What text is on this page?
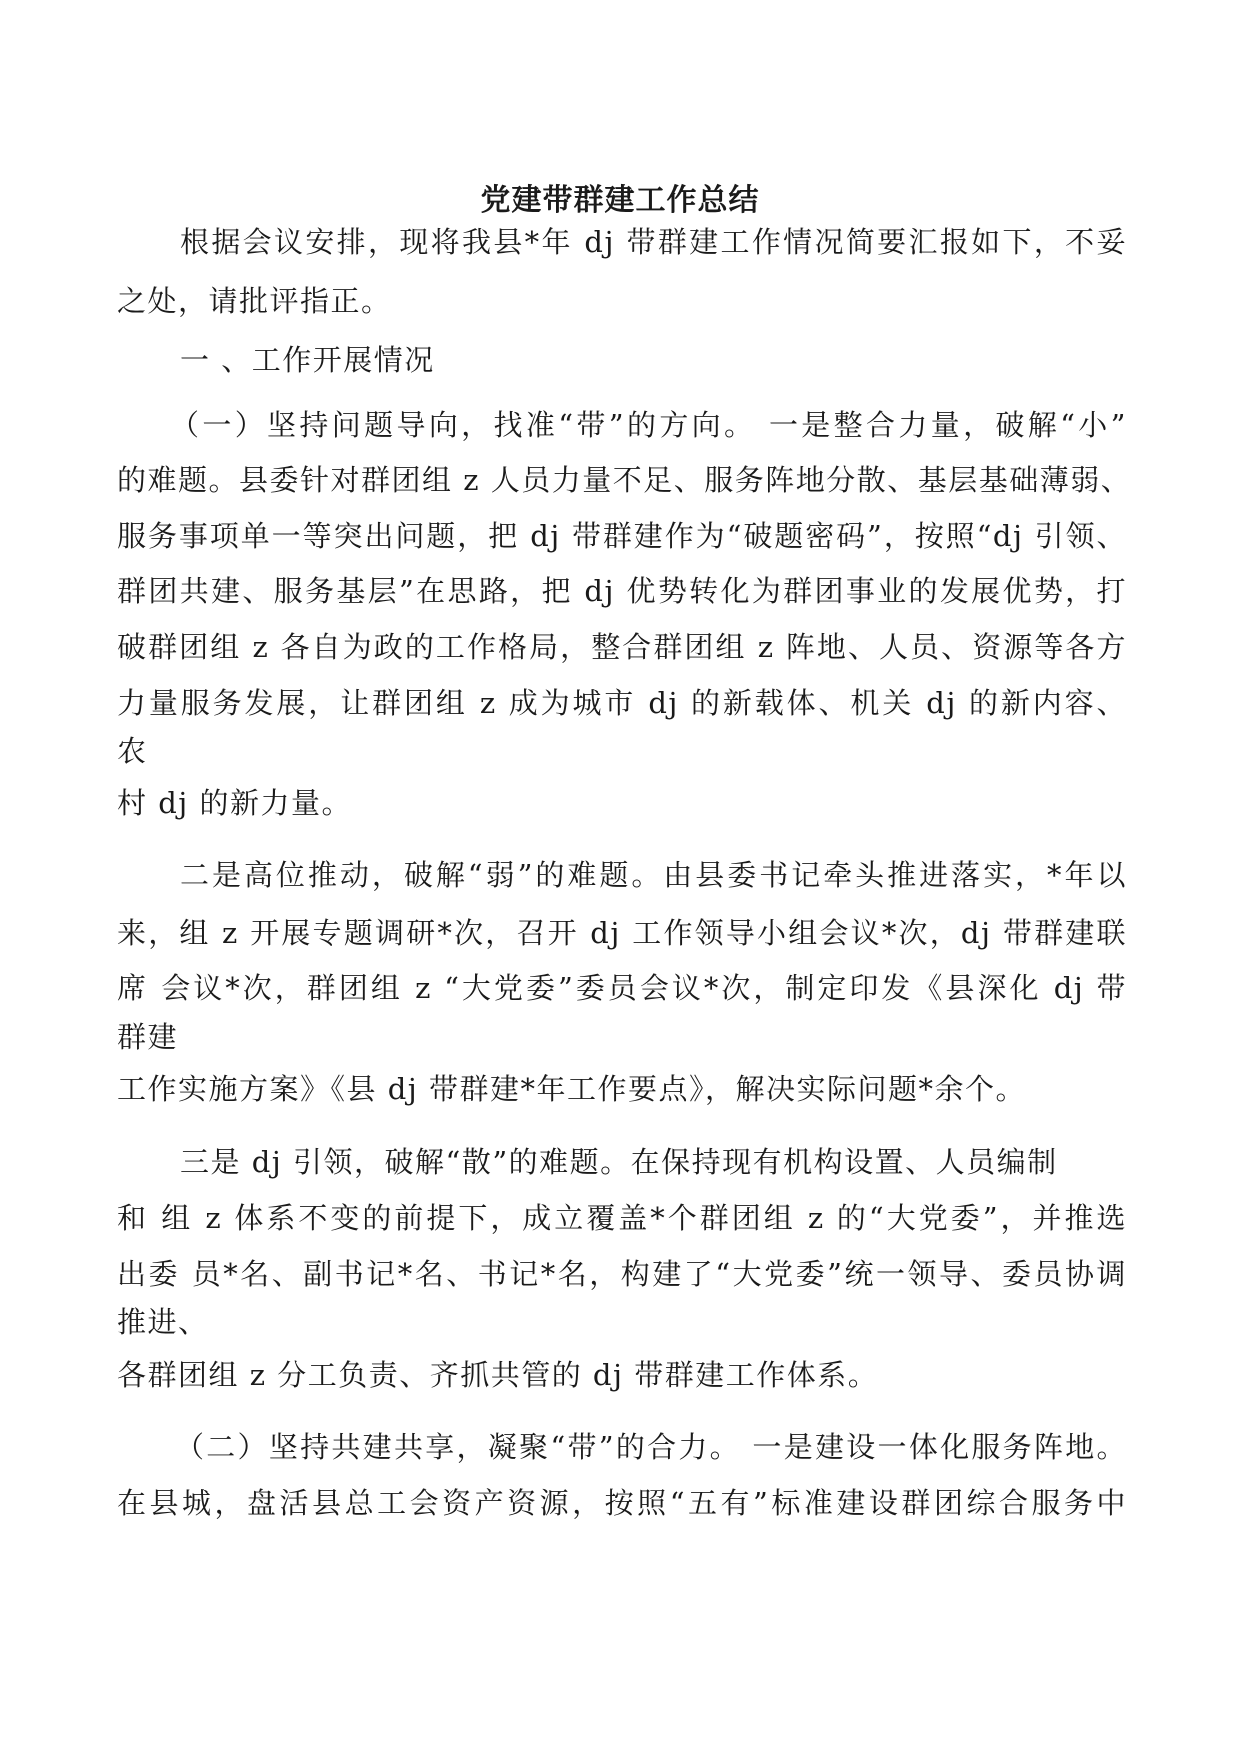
党建带群建工作总结
根据会议安排，现将我县*年 dj 带群建工作情况简要汇报如下，不妥
之处，请批评指正。
一 、工作开展情况
（一）坚持问题导向，找准“带”的方向。 一是整合力量，破解“小”
的难题。县委针对群团组 z 人员力量不足、服务阵地分散、基层基础薄弱、
服务事项单一等突出问题，把 dj 带群建作为“破题密码”，按照“dj 引领、
群团共建、服务基层”在思路，把 dj 优势转化为群团事业的发展优势，打
破群团组 z 各自为政的工作格局，整合群团组 z 阵地、人员、资源等各方
力量服务发展，让群团组 z 成为城市 dj 的新载体、机关 dj 的新内容、
农
村 dj 的新力量。
二是高位推动，破解“弱”的难题。由县委书记牵头推进落实，*年以
来，组 z 开展专题调研*次，召开 dj 工作领导小组会议*次，dj 带群建联
席 会议*次，群团组 z “大党委”委员会议*次，制定印发《县深化 dj 带
群建
工作实施方案》《县 dj 带群建*年工作要点》，解决实际问题*余个。
三是 dj 引领，破解“散”的难题。在保持现有机构设置、人员编制
和 组 z 体系不变的前提下，成立覆盖*个群团组 z 的“大党委”，并推选
出委 员*名、副书记*名、书记*名，构建了“大党委”统一领导、委员协调
推进、
各群团组 z 分工负责、齐抓共管的 dj 带群建工作体系。
（二）坚持共建共享，凝聚“带”的合力。 一是建设一体化服务阵地。
在县城，盘活县总工会资产资源，按照“五有”标准建设群团综合服务中
